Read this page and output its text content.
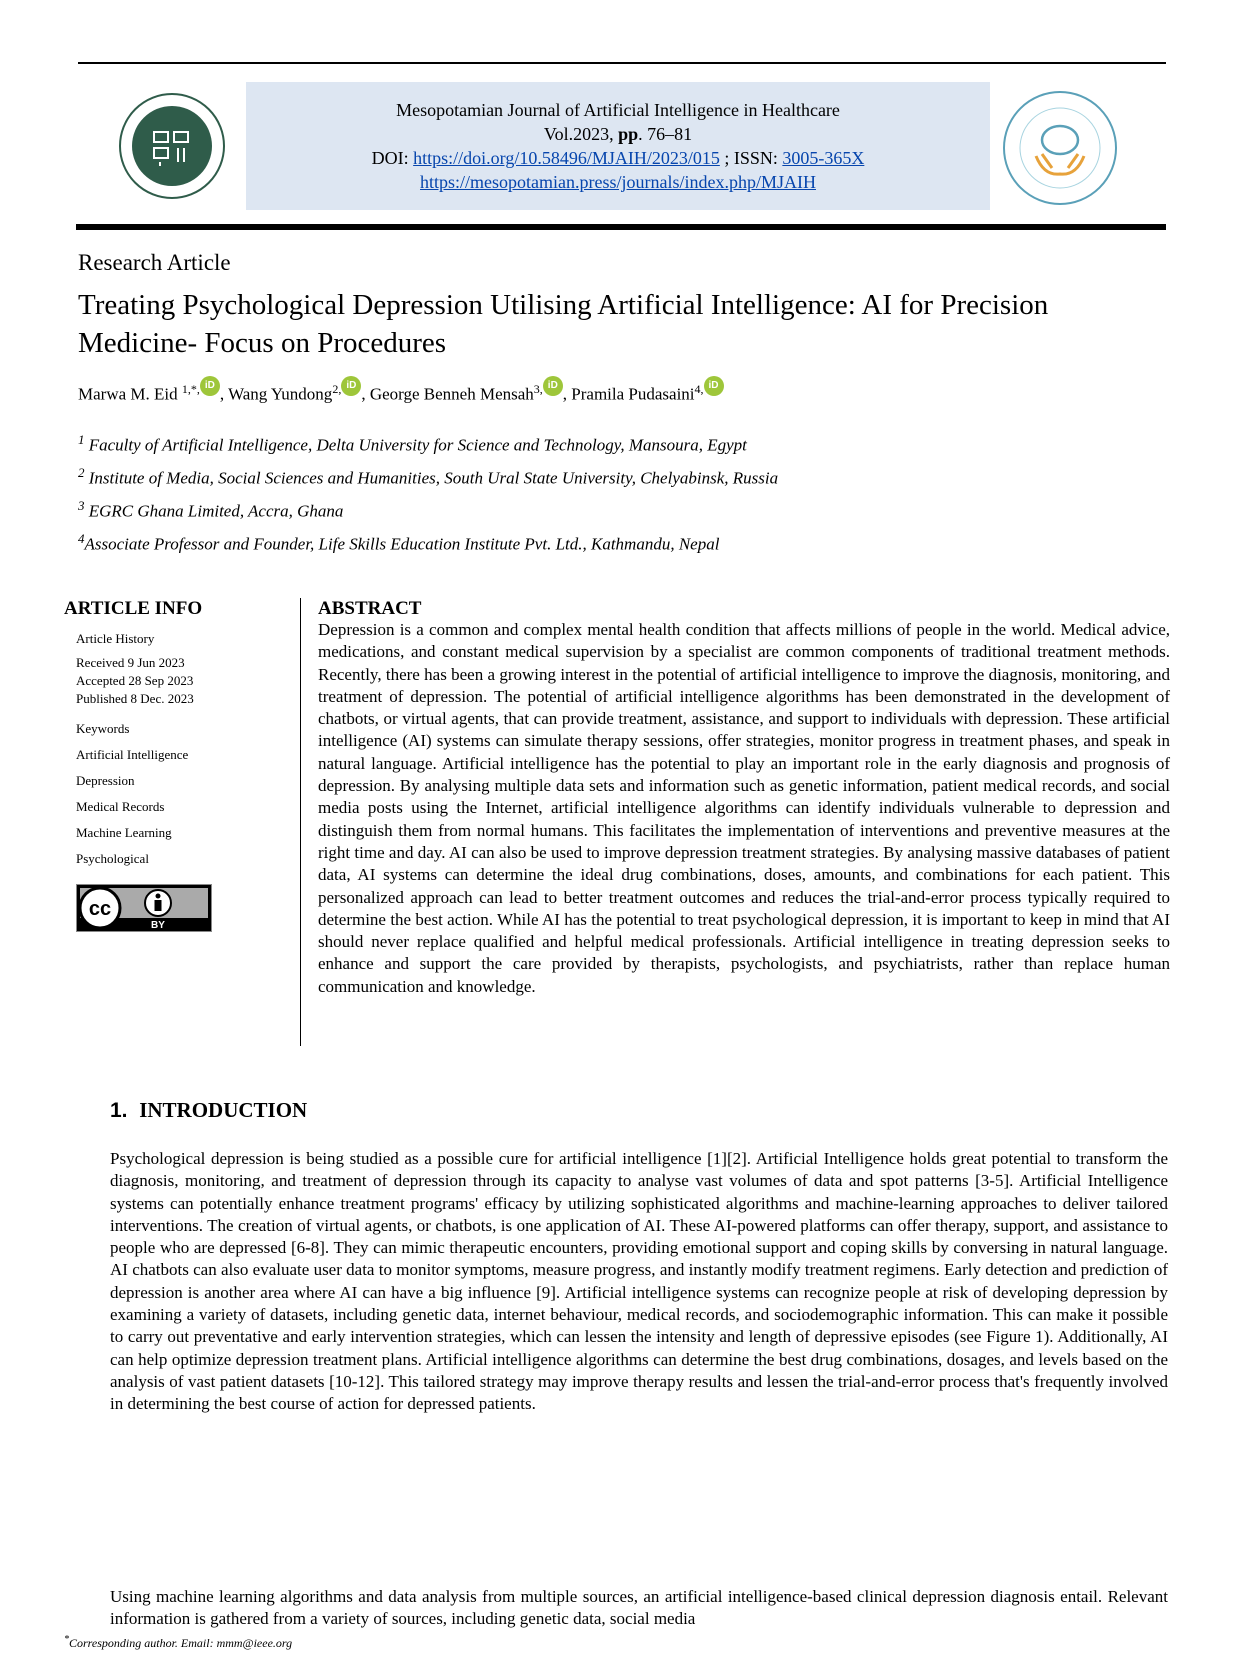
Mesopotamian Journal of Artificial Intelligence in Healthcare
Vol.2023, pp. 76–81
DOI: https://doi.org/10.58496/MJAIH/2023/015 ; ISSN: 3005-365X
https://mesopotamian.press/journals/index.php/MJAIH
Research Article
Treating Psychological Depression Utilising Artificial Intelligence: AI for Precision Medicine- Focus on Procedures
Marwa M. Eid $^{1,*,}$ iD , Wang Yundong$^{2,}$ iD , George Benneh Mensah$^{3,}$ iD , Pramila Pudasaini$^{4,}$ iD
$^1$ Faculty of Artificial Intelligence, Delta University for Science and Technology, Mansoura, Egypt
$^2$ Institute of Media, Social Sciences and Humanities, South Ural State University, Chelyabinsk, Russia
$^3$ EGRC Ghana Limited, Accra, Ghana
$^4$Associate Professor and Founder, Life Skills Education Institute Pvt. Ltd., Kathmandu, Nepal
ARTICLE INFO
Article History
Received 9 Jun 2023
Accepted 28 Sep 2023
Published 8 Dec. 2023
Keywords
Artificial Intelligence
Depression
Medical Records
Machine Learning
Psychological
cc
BY
ABSTRACT
Depression is a common and complex mental health condition that affects millions of people in the world. Medical advice, medications, and constant medical supervision by a specialist are common components of traditional treatment methods. Recently, there has been a growing interest in the potential of artificial intelligence to improve the diagnosis, monitoring, and treatment of depression. The potential of artificial intelligence algorithms has been demonstrated in the development of chatbots, or virtual agents, that can provide treatment, assistance, and support to individuals with depression. These artificial intelligence (AI) systems can simulate therapy sessions, offer strategies, monitor progress in treatment phases, and speak in natural language. Artificial intelligence has the potential to play an important role in the early diagnosis and prognosis of depression. By analysing multiple data sets and information such as genetic information, patient medical records, and social media posts using the Internet, artificial intelligence algorithms can identify individuals vulnerable to depression and distinguish them from normal humans. This facilitates the implementation of interventions and preventive measures at the right time and day. AI can also be used to improve depression treatment strategies. By analysing massive databases of patient data, AI systems can determine the ideal drug combinations, doses, amounts, and combinations for each patient. This personalized approach can lead to better treatment outcomes and reduces the trial-and-error process typically required to determine the best action. While AI has the potential to treat psychological depression, it is important to keep in mind that AI should never replace qualified and helpful medical professionals. Artificial intelligence in treating depression seeks to enhance and support the care provided by therapists, psychologists, and psychiatrists, rather than replace human communication and knowledge.
1. INTRODUCTION
Psychological depression is being studied as a possible cure for artificial intelligence [1][2]. Artificial Intelligence holds great potential to transform the diagnosis, monitoring, and treatment of depression through its capacity to analyse vast volumes of data and spot patterns [3-5]. Artificial Intelligence systems can potentially enhance treatment programs' efficacy by utilizing sophisticated algorithms and machine-learning approaches to deliver tailored interventions. The creation of virtual agents, or chatbots, is one application of AI. These AI-powered platforms can offer therapy, support, and assistance to people who are depressed [6-8]. They can mimic therapeutic encounters, providing emotional support and coping skills by conversing in natural language. AI chatbots can also evaluate user data to monitor symptoms, measure progress, and instantly modify treatment regimens. Early detection and prediction of depression is another area where AI can have a big influence [9]. Artificial intelligence systems can recognize people at risk of developing depression by examining a variety of datasets, including genetic data, internet behaviour, medical records, and sociodemographic information. This can make it possible to carry out preventative and early intervention strategies, which can lessen the intensity and length of depressive episodes (see Figure 1). Additionally, AI can help optimize depression treatment plans. Artificial intelligence algorithms can determine the best drug combinations, dosages, and levels based on the analysis of vast patient datasets [10-12]. This tailored strategy may improve therapy results and lessen the trial-and-error process that's frequently involved in determining the best course of action for depressed patients.
Using machine learning algorithms and data analysis from multiple sources, an artificial intelligence-based clinical depression diagnosis entail. Relevant information is gathered from a variety of sources, including genetic data, social media
*Corresponding author. Email: mmm@ieee.org
